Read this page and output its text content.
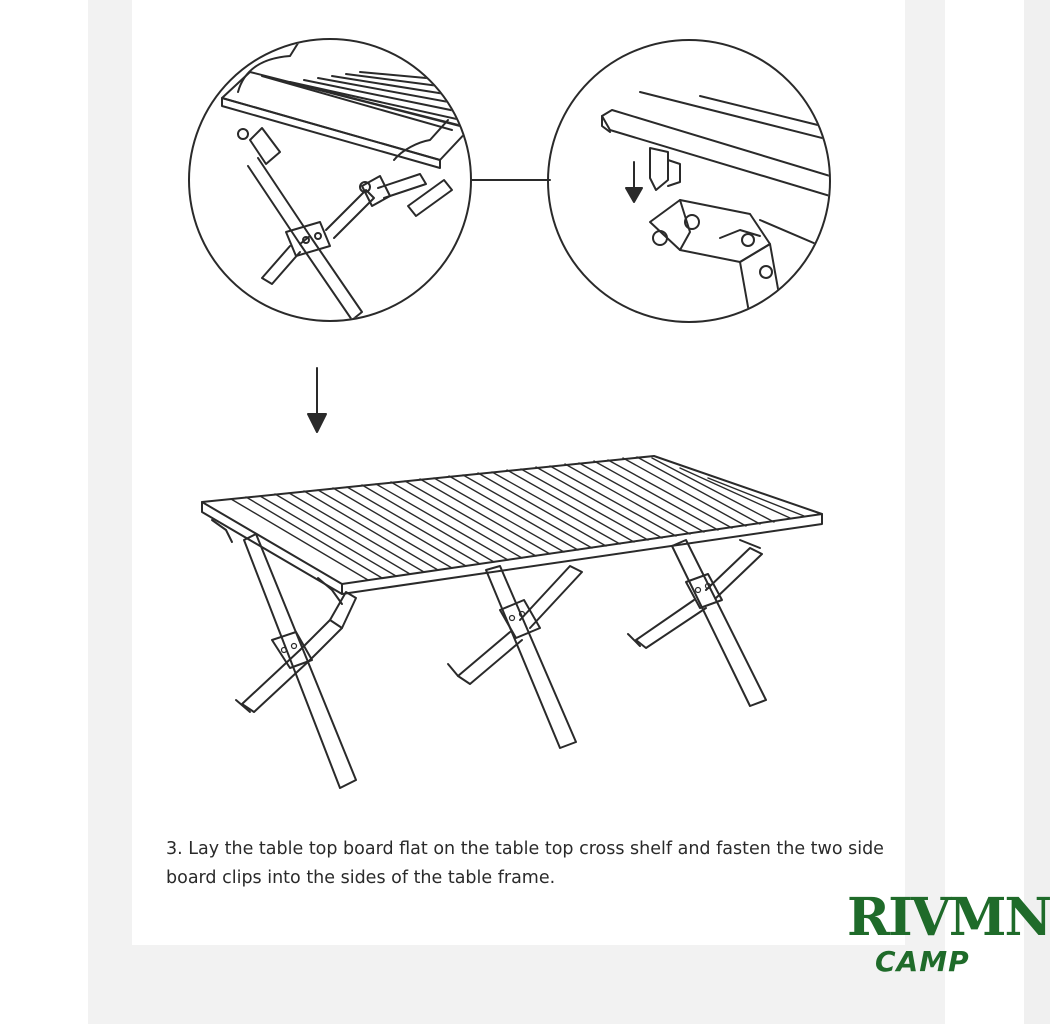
3. Lay the table top board flat on the table top cross shelf and fasten the two side
board clips into the sides of the table frame.

RIVMN
CAMP
